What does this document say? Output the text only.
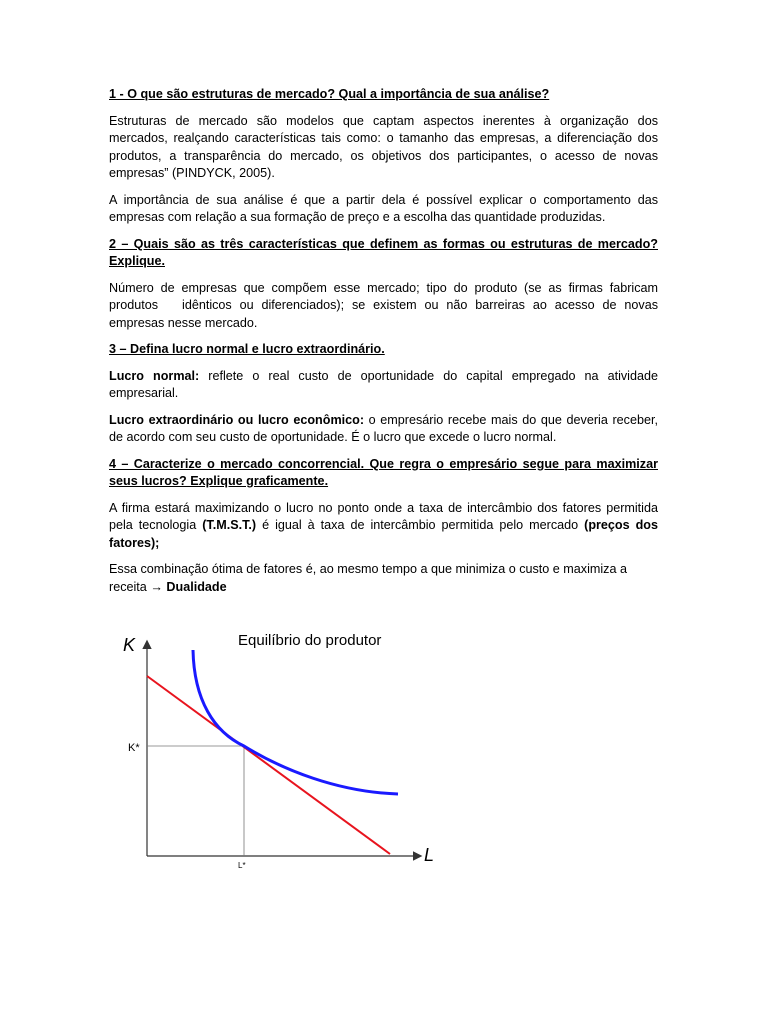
1 - O que são estruturas de mercado? Qual a importância de sua análise?

Estruturas de mercado são modelos que captam aspectos inerentes à organização dos mercados, realçando características tais como: o tamanho das empresas, a diferenciação dos produtos, a transparência do mercado, os objetivos dos participantes, o acesso de novas empresas” (PINDYCK, 2005).

A importância de sua análise é que a partir dela é possível explicar o comportamento das empresas com relação a sua formação de preço e a escolha das quantidade produzidas.

2 – Quais são as três características que definem as formas ou estruturas de mercado? Explique.

Número de empresas que compõem esse mercado; tipo do produto (se as firmas fabricam produtos idênticos ou diferenciados); se existem ou não barreiras ao acesso de novas empresas nesse mercado.

3 – Defina lucro normal e lucro extraordinário.

Lucro normal: reflete o real custo de oportunidade do capital empregado na atividade empresarial.

Lucro extraordinário ou lucro econômico: o empresário recebe mais do que deveria receber, de acordo com seu custo de oportunidade. É o lucro que excede o lucro normal.

4 – Caracterize o mercado concorrencial. Que regra o empresário segue para maximizar seus lucros? Explique graficamente.

A firma estará maximizando o lucro no ponto onde a taxa de intercâmbio dos fatores permitida pela tecnologia (T.M.S.T.) é igual à taxa de intercâmbio permitida pelo mercado (preços dos fatores);

Essa combinação ótima de fatores é, ao mesmo tempo a que minimiza o custo e maximiza a receita → Dualidade

Equilíbrio do produtor
K
L
K*
L*
